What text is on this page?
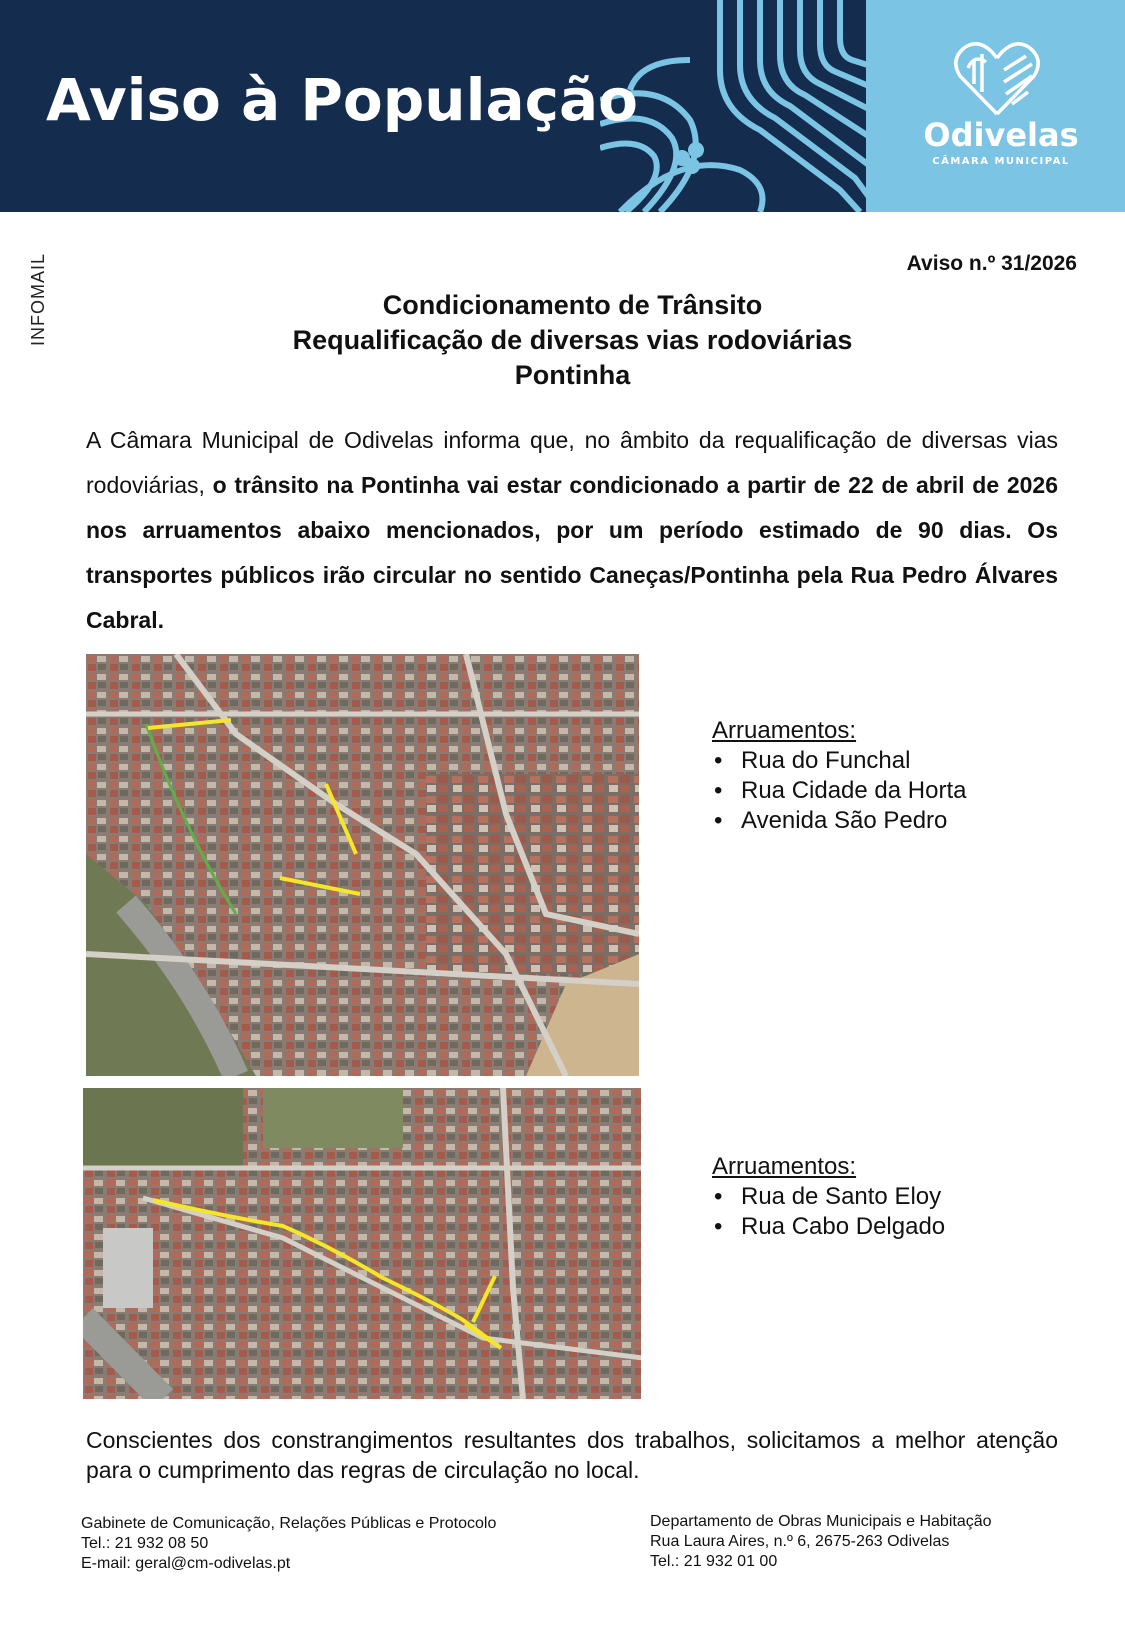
Aviso à População
Odivelas
CÂMARA MUNICIPAL
INFOMAIL	Aviso n.º 31/2026
Condicionamento de Trânsito
Requalificação de diversas vias rodoviárias
Pontinha

A Câmara Municipal de Odivelas informa que, no âmbito da requalificação de diversas vias rodoviárias, o trânsito na Pontinha vai estar condicionado a partir de 22 de abril de 2026 nos arruamentos abaixo mencionados, por um período estimado de 90 dias. Os transportes públicos irão circular no sentido Caneças/Pontinha pela Rua Pedro Álvares Cabral.

Arruamentos:
• Rua do Funchal
• Rua Cidade da Horta
• Avenida São Pedro
Arruamentos:
• Rua de Santo Eloy
• Rua Cabo Delgado

Conscientes dos constrangimentos resultantes dos trabalhos, solicitamos a melhor atenção para o cumprimento das regras de circulação no local.

Gabinete de Comunicação, Relações Públicas e Protocolo
Tel.: 21 932 08 50
E-mail: geral@cm-odivelas.pt
Departamento de Obras Municipais e Habitação
Rua Laura Aires, n.º 6, 2675-263 Odivelas
Tel.: 21 932 01 00
